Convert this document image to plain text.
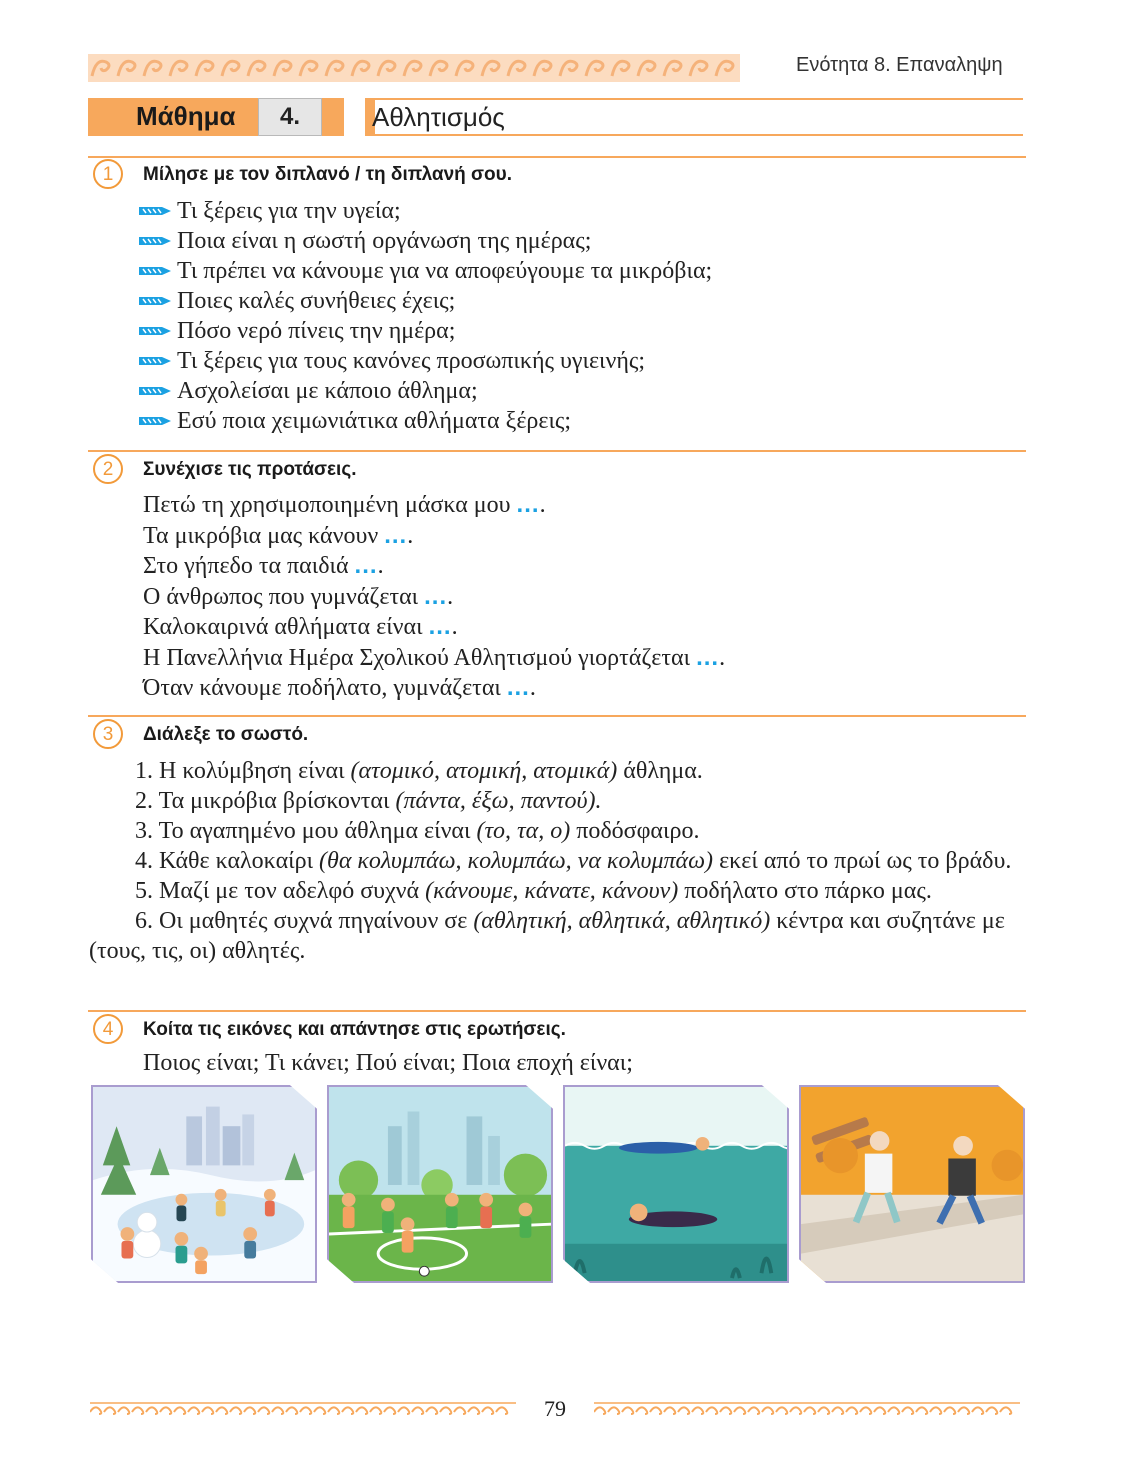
Ενότητα 8. Επαναληψη
Μάθημα	4.	Αθλητισμός
1	Μίλησε με τον διπλανό / τη διπλανή σου.
Τι ξέρεις για την υγεία;
Ποια είναι η σωστή οργάνωση της ημέρας;
Τι πρέπει να κάνουμε για να αποφεύγουμε τα μικρόβια;
Ποιες καλές συνήθειες έχεις;
Πόσο νερό πίνεις την ημέρα;
Τι ξέρεις για τους κανόνες προσωπικής υγιεινής;
Ασχολείσαι με κάποιο άθλημα;
Εσύ ποια χειμωνιάτικα αθλήματα ξέρεις;
2	Συνέχισε τις προτάσεις.
Πετώ τη χρησιμοποιημένη μάσκα μου ....
Τα μικρόβια μας κάνουν ....
Στο γήπεδο τα παιδιά ....
Ο άνθρωπος που γυμνάζεται ....
Καλοκαιρινά αθλήματα είναι ....
Η Πανελλήνια Ημέρα Σχολικού Αθλητισμού γιορτάζεται ....
Όταν κάνουμε ποδήλατο, γυμνάζεται ....
3	Διάλεξε το σωστό.

1. Η κολύμβηση είναι (ατομικό, ατομική, ατομικά) άθλημα.

2. Τα μικρόβια βρίσκονται (πάντα, έξω, παντού).

3. Το αγαπημένο μου άθλημα είναι (το, τα, ο) ποδόσφαιρο.

4. Κάθε καλοκαίρι (θα κολυμπάω, κολυμπάω, να κολυμπάω) εκεί από το πρωί ως το βράδυ.

5. Μαζί με τον αδελφό συχνά (κάνουμε, κάνατε, κάνουν) ποδήλατο στο πάρκο μας.

6. Οι μαθητές συχνά πηγαίνουν σε (αθλητική, αθλητικά, αθλητικό) κέντρα και συζητάνε με (τους, τις, οι) αθλητές.

4	Κοίτα τις εικόνες και απάντησε στις ερωτήσεις.
Ποιος είναι; Τι κάνει; Πού είναι; Ποια εποχή είναι;
79
